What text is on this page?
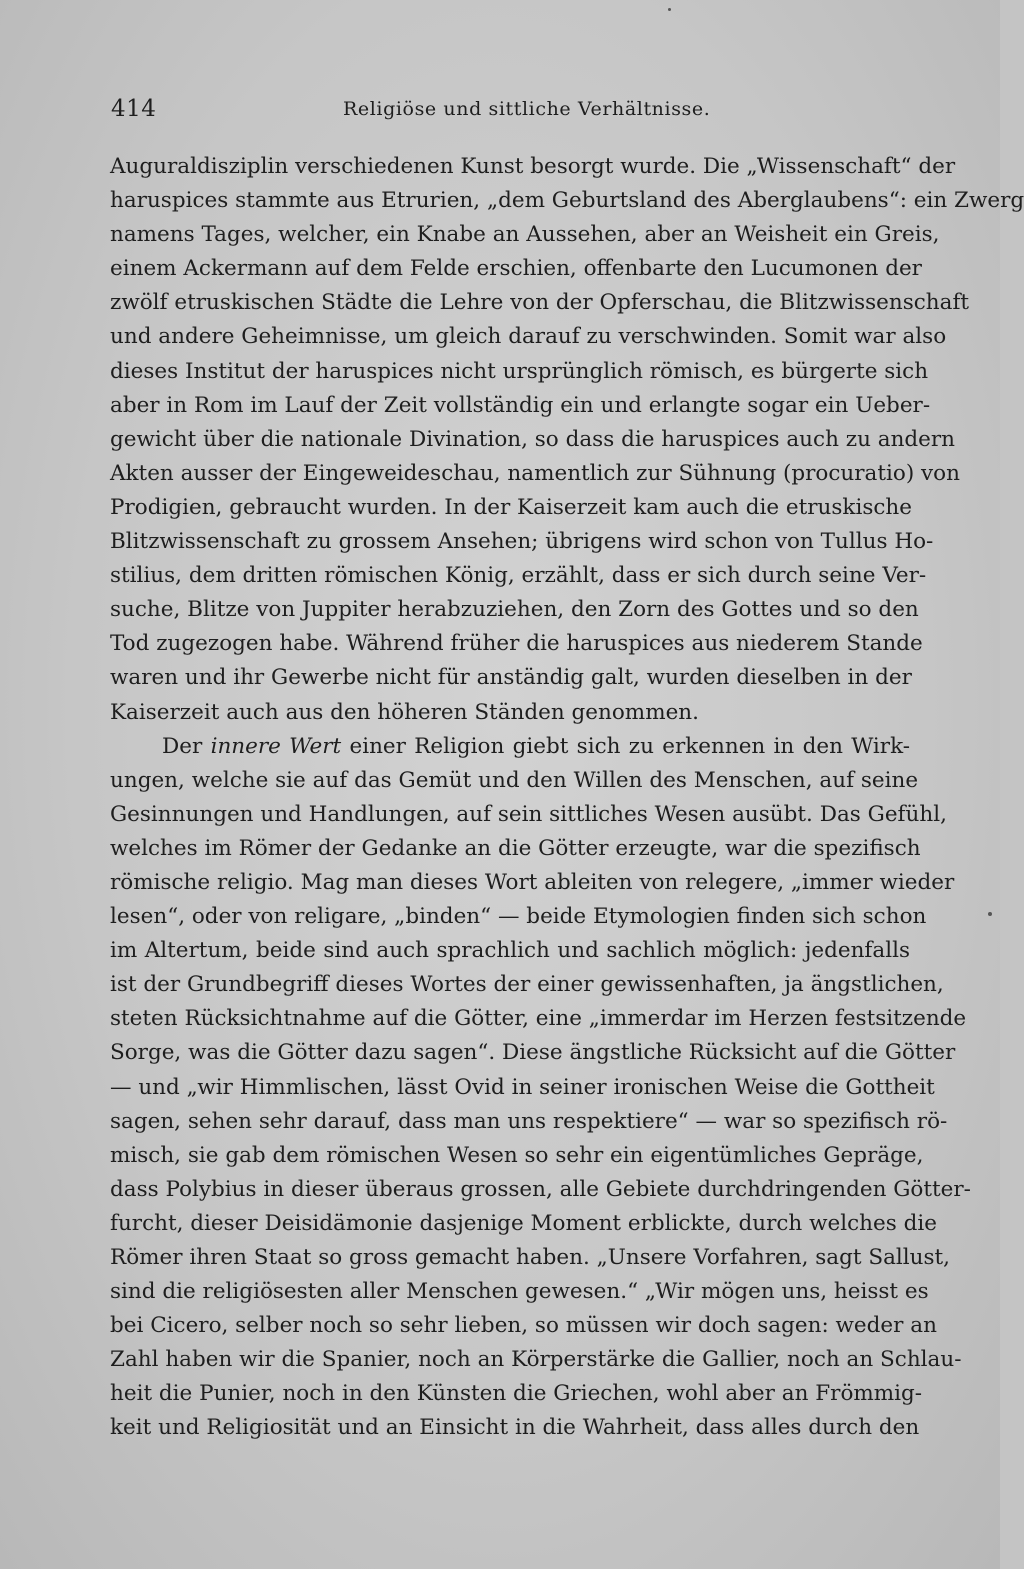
414	Religiöse und sittliche Verhältnisse.
Auguraldisziplin verschiedenen Kunst besorgt wurde. Die „Wissenschaft“ der
haruspices stammte aus Etrurien, „dem Geburtsland des Aberglaubens“: ein Zwerg
namens Tages, welcher, ein Knabe an Aussehen, aber an Weisheit ein Greis,
einem Ackermann auf dem Felde erschien, offenbarte den Lucumonen der
zwölf etruskischen Städte die Lehre von der Opferschau, die Blitzwissenschaft
und andere Geheimnisse, um gleich darauf zu verschwinden. Somit war also
dieses Institut der haruspices nicht ursprünglich römisch, es bürgerte sich
aber in Rom im Lauf der Zeit vollständig ein und erlangte sogar ein Ueber-
gewicht über die nationale Divination, so dass die haruspices auch zu andern
Akten ausser der Eingeweideschau, namentlich zur Sühnung (procuratio) von
Prodigien, gebraucht wurden. In der Kaiserzeit kam auch die etruskische
Blitzwissenschaft zu grossem Ansehen; übrigens wird schon von Tullus Ho-
stilius, dem dritten römischen König, erzählt, dass er sich durch seine Ver-
suche, Blitze von Juppiter herabzuziehen, den Zorn des Gottes und so den
Tod zugezogen habe. Während früher die haruspices aus niederem Stande
waren und ihr Gewerbe nicht für anständig galt, wurden dieselben in der
Kaiserzeit auch aus den höheren Ständen genommen.
Der innere Wert einer Religion giebt sich zu erkennen in den Wirk-
ungen, welche sie auf das Gemüt und den Willen des Menschen, auf seine
Gesinnungen und Handlungen, auf sein sittliches Wesen ausübt. Das Gefühl,
welches im Römer der Gedanke an die Götter erzeugte, war die spezifisch
römische religio. Mag man dieses Wort ableiten von relegere, „immer wieder
lesen“, oder von religare, „binden“ — beide Etymologien finden sich schon
im Altertum, beide sind auch sprachlich und sachlich möglich: jedenfalls
ist der Grundbegriff dieses Wortes der einer gewissenhaften, ja ängstlichen,
steten Rücksichtnahme auf die Götter, eine „immerdar im Herzen festsitzende
Sorge, was die Götter dazu sagen“. Diese ängstliche Rücksicht auf die Götter
— und „wir Himmlischen, lässt Ovid in seiner ironischen Weise die Gottheit
sagen, sehen sehr darauf, dass man uns respektiere“ — war so spezifisch rö-
misch, sie gab dem römischen Wesen so sehr ein eigentümliches Gepräge,
dass Polybius in dieser überaus grossen, alle Gebiete durchdringenden Götter-
furcht, dieser Deisidämonie dasjenige Moment erblickte, durch welches die
Römer ihren Staat so gross gemacht haben. „Unsere Vorfahren, sagt Sallust,
sind die religiösesten aller Menschen gewesen.“ „Wir mögen uns, heisst es
bei Cicero, selber noch so sehr lieben, so müssen wir doch sagen: weder an
Zahl haben wir die Spanier, noch an Körperstärke die Gallier, noch an Schlau-
heit die Punier, noch in den Künsten die Griechen, wohl aber an Frömmig-
keit und Religiosität und an Einsicht in die Wahrheit, dass alles durch den
